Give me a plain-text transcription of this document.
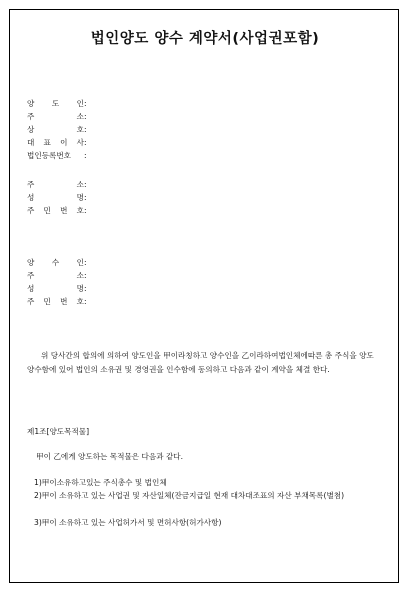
법인양도 양수 계약서(사업권포함)
양 도 인:
주 소:
상 호:
대 표 이 사:
법인등록번호 :
주 소:
성 명:
주 민 번 호:
양 수 인:
주 소:
성 명:
주 민 번 호:
위 당사간의 합의에 의하여 양도인을 甲이라칭하고 양수인을 乙이라하여법인체에따른 총 주식을 양도 양수함에 있어 법인의 소유권 및 경영권을 인수함에 동의하고 다음과 같이 계약을 체결 한다.
제1조[양도목적물]
甲이 乙에게 양도하는 목적물은 다음과 같다.
1)甲이소유하고있는 주식총수 및 법인체
2)甲이 소유하고 있는 사업권 및 자산일체(잔금지급일 현재 대차대조표의 자산 부채목록(별첨)
3)甲이 소유하고 있는 사업허가서 및 면허사항(허가사항)
